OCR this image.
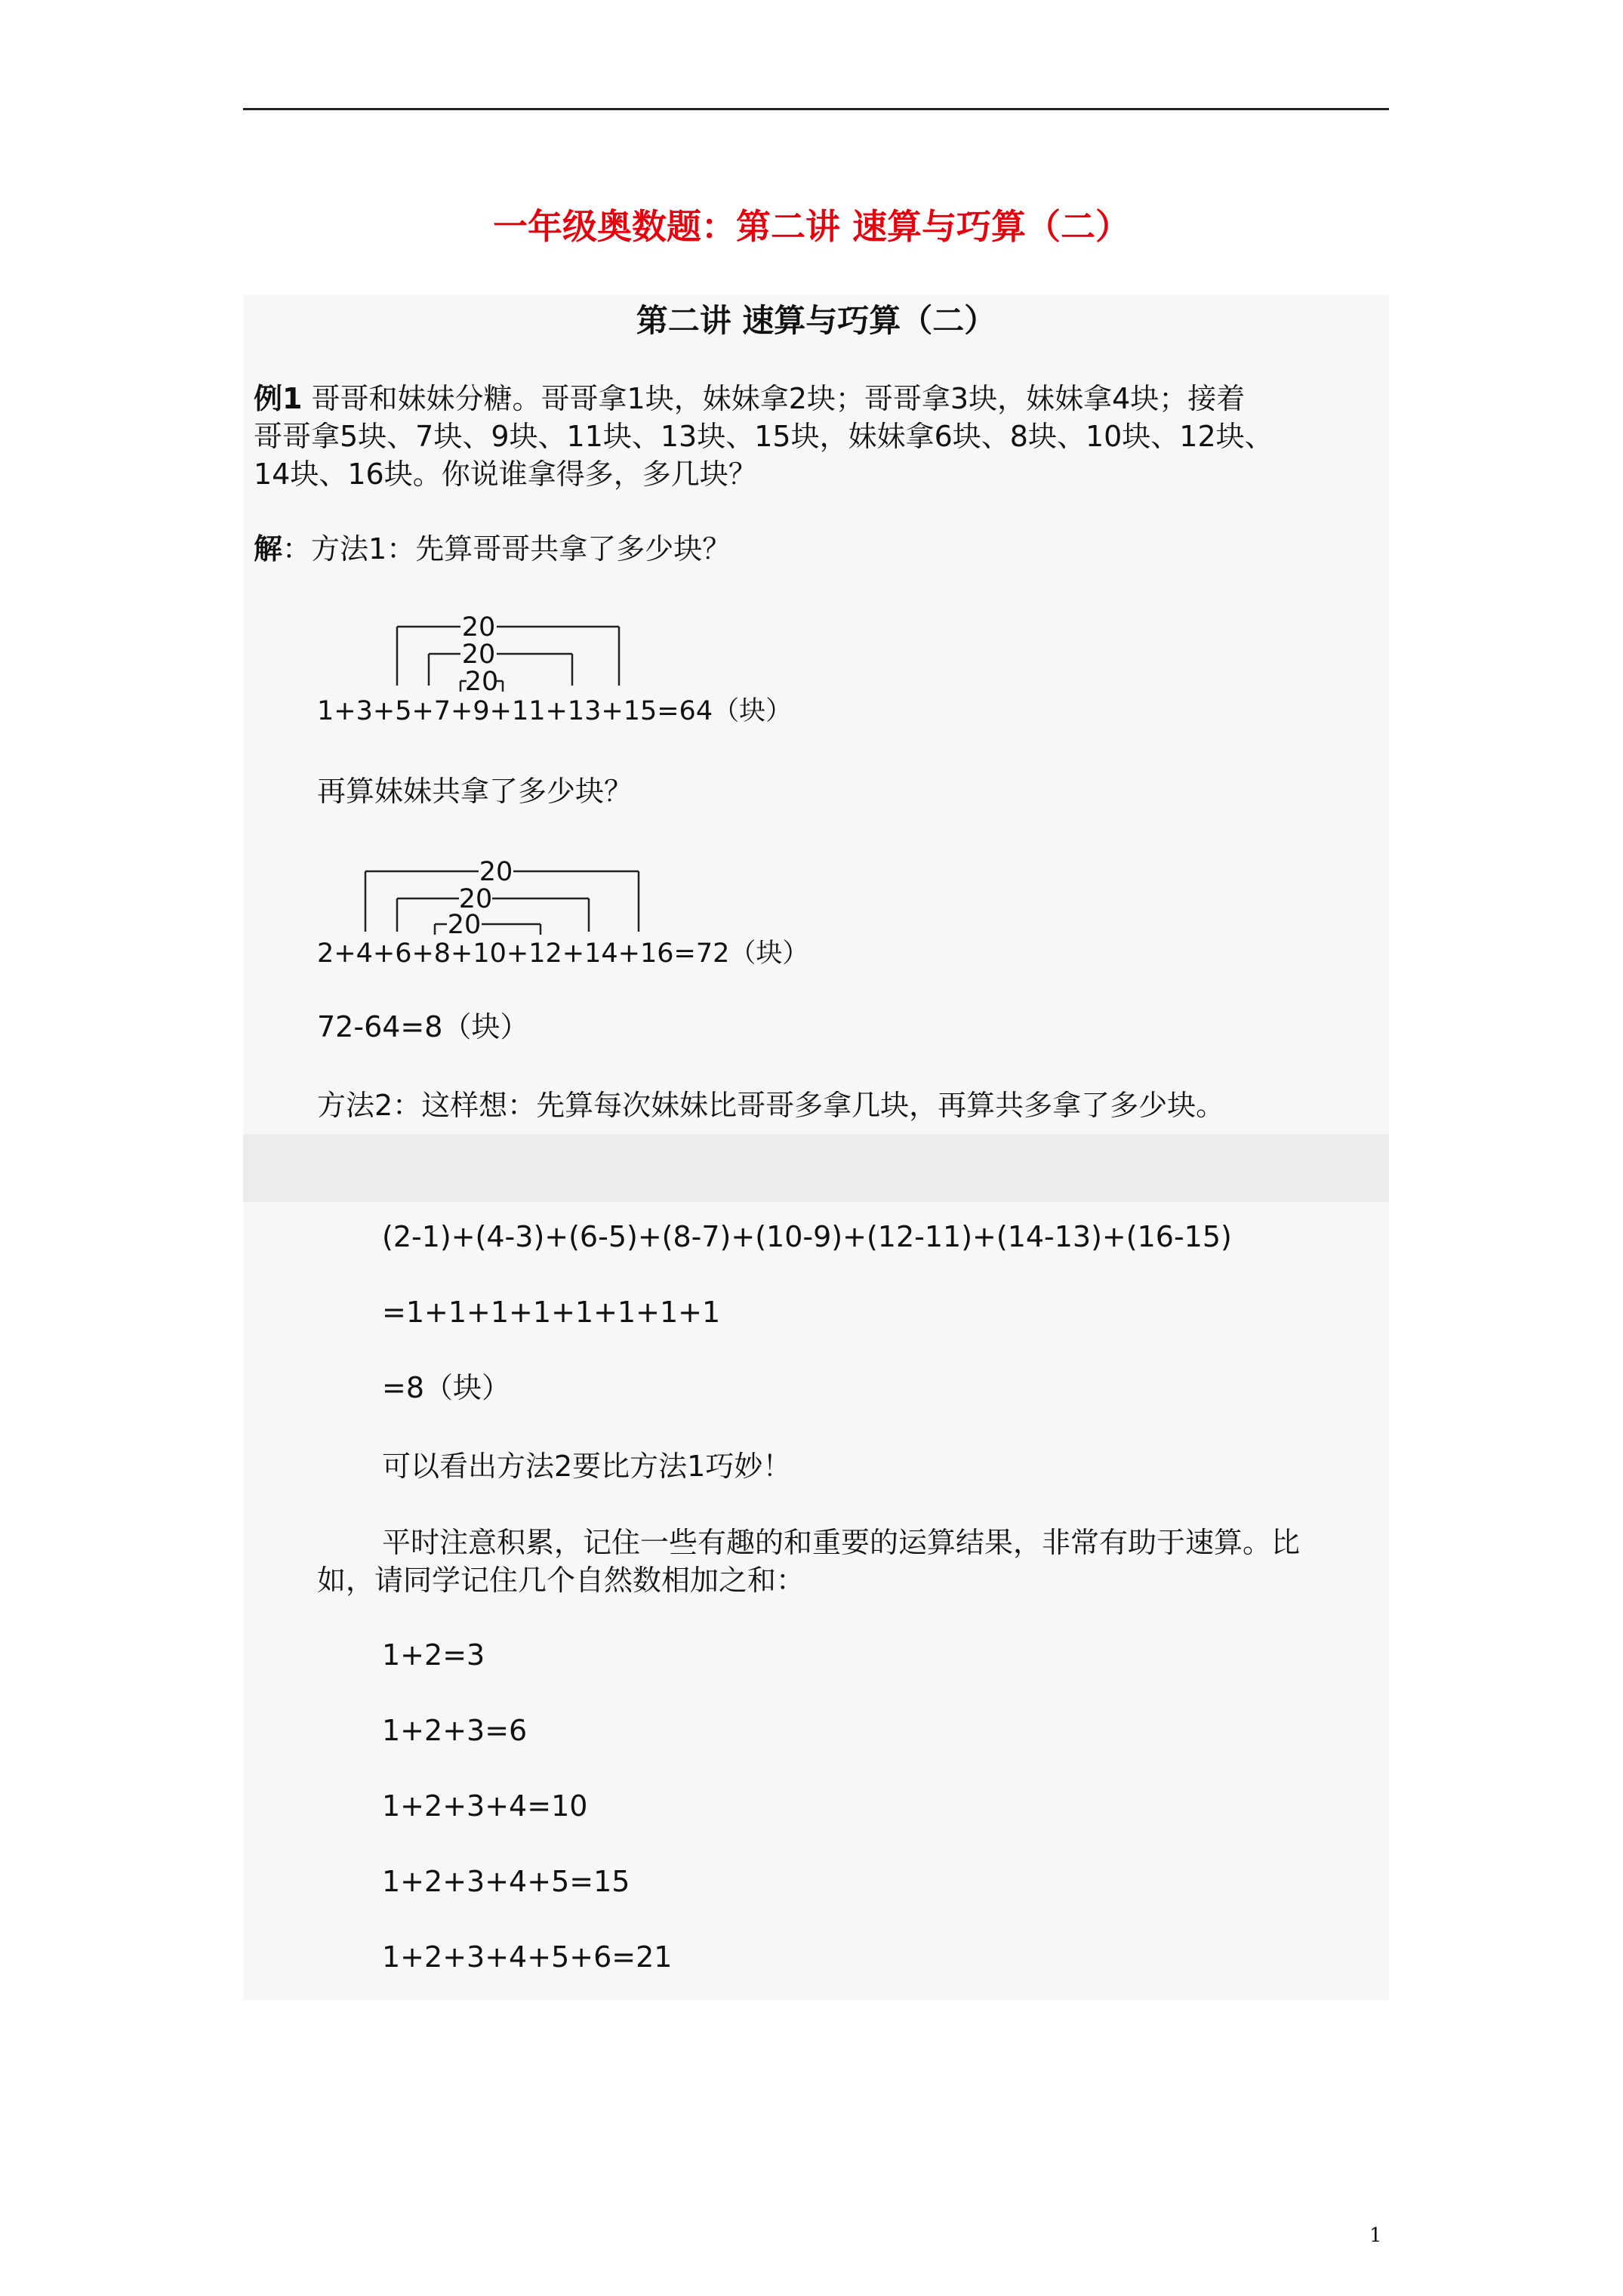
一年级奥数题：第二讲 速算与巧算（二）
第二讲 速算与巧算（二）
例1 哥哥和妹妹分糖。哥哥拿1块，妹妹拿2块；哥哥拿3块，妹妹拿4块；接着
哥哥拿5块、7块、9块、11块、13块、15块，妹妹拿6块、8块、10块、12块、
14块、16块。你说谁拿得多，多几块？
解：方法1：先算哥哥共拿了多少块？
20
20
20
1+3+5+7+9+11+13+15=64（块）
再算妹妹共拿了多少块？
20
20
20
2+4+6+8+10+12+14+16=72（块）
72-64=8（块）
方法2：这样想：先算每次妹妹比哥哥多拿几块，再算共多拿了多少块。
(2-1)+(4-3)+(6-5)+(8-7)+(10-9)+(12-11)+(14-13)+(16-15)
=1+1+1+1+1+1+1+1
=8（块）
可以看出方法2要比方法1巧妙！
平时注意积累，记住一些有趣的和重要的运算结果，非常有助于速算。比
如，请同学记住几个自然数相加之和：
1+2=3
1+2+3=6
1+2+3+4=10
1+2+3+4+5=15
1+2+3+4+5+6=21
1
